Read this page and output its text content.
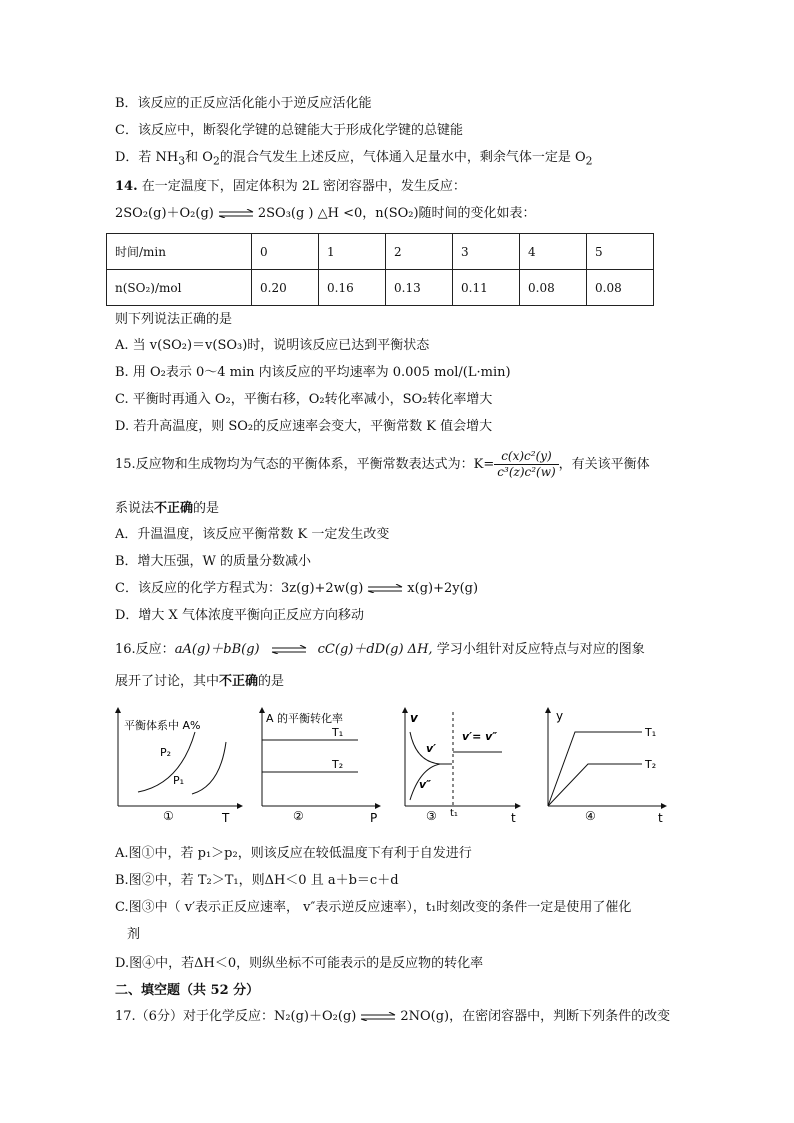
B．该反应的正反应活化能小于逆反应活化能
C．该反应中，断裂化学键的总键能大于形成化学键的总键能
D．若 $NH_3$和 $O_2$的混合气发生上述反应，气体通入足量水中，剩余气体一定是 $O_2$
14. 在一定温度下，固定体积为 2L 密闭容器中，发生反应：
2SO₂(g)＋O₂(g)	2SO₃(g ) △H <0，n(SO₂)随时间的变化如表：
时间/min	0	1	2	3	4	5
n(SO₂)/mol	0.20	0.16	0.13	0.11	0.08	0.08
则下列说法正确的是
A. 当 v(SO₂)＝v(SO₃)时，说明该反应已达到平衡状态
B. 用 O₂表示 0～4 min 内该反应的平均速率为 0.005 mol/(L·min)
C. 平衡时再通入 O₂，平衡右移，O₂转化率减小，SO₂转化率增大
D. 若升高温度，则 SO₂的反应速率会变大，平衡常数 K 值会增大
15.反应物和生成物均为气态的平衡体系，平衡常数表达式为：$K= \frac{\text{c(x)c²(y)}}{\text{c³(z)c²(w)}}$ ，有关该平衡体
系说法不正确的是
A．升温温度，该反应平衡常数 K 一定发生改变
B．增大压强，W 的质量分数减小
C．该反应的化学方程式为：3z(g)+2w(g)	x(g)+2y(g)
D．增大 X 气体浓度平衡向正反应方向移动
16.反应：aA(g)＋bB(g)	cC(g)＋dD(g) ΔH, 学习小组针对反应特点与对应的图象
展开了讨论，其中不正确的是
平衡体系中 A%
P₂
P₁
T
①
A 的平衡转化率
T₁
T₂
P
②
v
v′
v″
v′= v″
t₁	t
③
y
T₁
T₂
t
④
A.图①中，若 p₁＞p₂，则该反应在较低温度下有利于自发进行
B.图②中，若 T₂＞T₁，则ΔH＜0 且 a＋b＝c＋d
C.图③中（ v′表示正反应速率， v″表示逆反应速率），t₁时刻改变的条件一定是使用了催化
剂
D.图④中，若ΔH＜0，则纵坐标不可能表示的是反应物的转化率
二、填空题（共 52 分）
17.（6分）对于化学反应：N₂(g)＋O₂(g)	2NO(g)，在密闭容器中，判断下列条件的改变
